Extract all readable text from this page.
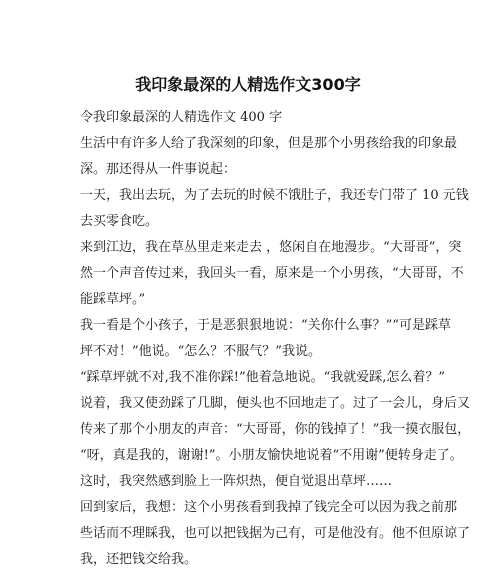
我印象最深的人精选作文300字
令我印象最深的人精选作文 400 字
生活中有许多人给了我深刻的印象，但是那个小男孩给我的印象最
深。那还得从一件事说起：
一天，我出去玩，为了去玩的时候不饿肚子，我还专门带了 10 元钱
去买零食吃。
来到江边，我在草丛里走来走去 ，悠闲自在地漫步。“大哥哥”，突
然一个声音传过来，我回头一看，原来是一个小男孩，“大哥哥，不
能踩草坪。”
我一看是个小孩子，于是恶狠狠地说：“关你什么事？”“可是踩草
坪不对！”他说。“怎么？不服气？”我说。
“踩草坪就不对,我不准你踩!”他着急地说。“我就爱踩,怎么着？”
说着，我又使劲踩了几脚，便头也不回地走了。过了一会儿，身后又
传来了那个小朋友的声音：“大哥哥，你的钱掉了！”我一摸衣服包，
“呀，真是我的，谢谢!”。小朋友愉快地说着“不用谢”便转身走了。
这时，我突然感到脸上一阵炽热，便自觉退出草坪……
回到家后，我想：这个小男孩看到我掉了钱完全可以因为我之前那
些话而不理睬我，也可以把钱据为己有，可是他没有。他不但原谅了
我，还把钱交给我。
